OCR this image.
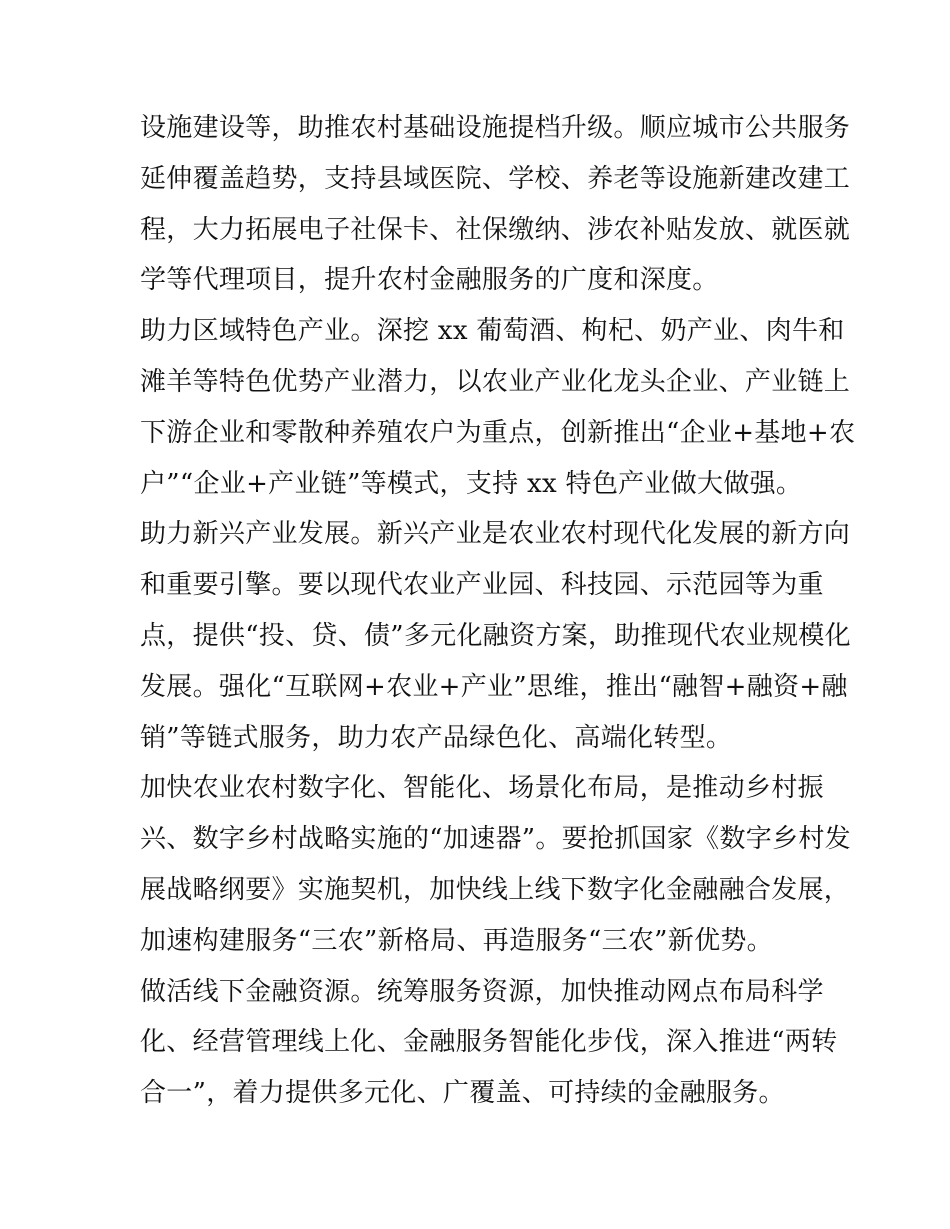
设施建设等，助推农村基础设施提档升级。顺应城市公共服务
延伸覆盖趋势，支持县域医院、学校、养老等设施新建改建工
程，大力拓展电子社保卡、社保缴纳、涉农补贴发放、就医就
学等代理项目，提升农村金融服务的广度和深度。
助力区域特色产业。深挖 xx 葡萄酒、枸杞、奶产业、肉牛和
滩羊等特色优势产业潜力，以农业产业化龙头企业、产业链上
下游企业和零散种养殖农户为重点，创新推出“企业+基地+农
户”“企业+产业链”等模式，支持 xx 特色产业做大做强。
助力新兴产业发展。新兴产业是农业农村现代化发展的新方向
和重要引擎。要以现代农业产业园、科技园、示范园等为重
点，提供“投、贷、债”多元化融资方案，助推现代农业规模化
发展。强化“互联网+农业+产业”思维，推出“融智+融资+融
销”等链式服务，助力农产品绿色化、高端化转型。
加快农业农村数字化、智能化、场景化布局，是推动乡村振
兴、数字乡村战略实施的“加速器”。要抢抓国家《数字乡村发
展战略纲要》实施契机，加快线上线下数字化金融融合发展，
加速构建服务“三农”新格局、再造服务“三农”新优势。
做活线下金融资源。统筹服务资源，加快推动网点布局科学
化、经营管理线上化、金融服务智能化步伐，深入推进“两转
合一”，着力提供多元化、广覆盖、可持续的金融服务。
